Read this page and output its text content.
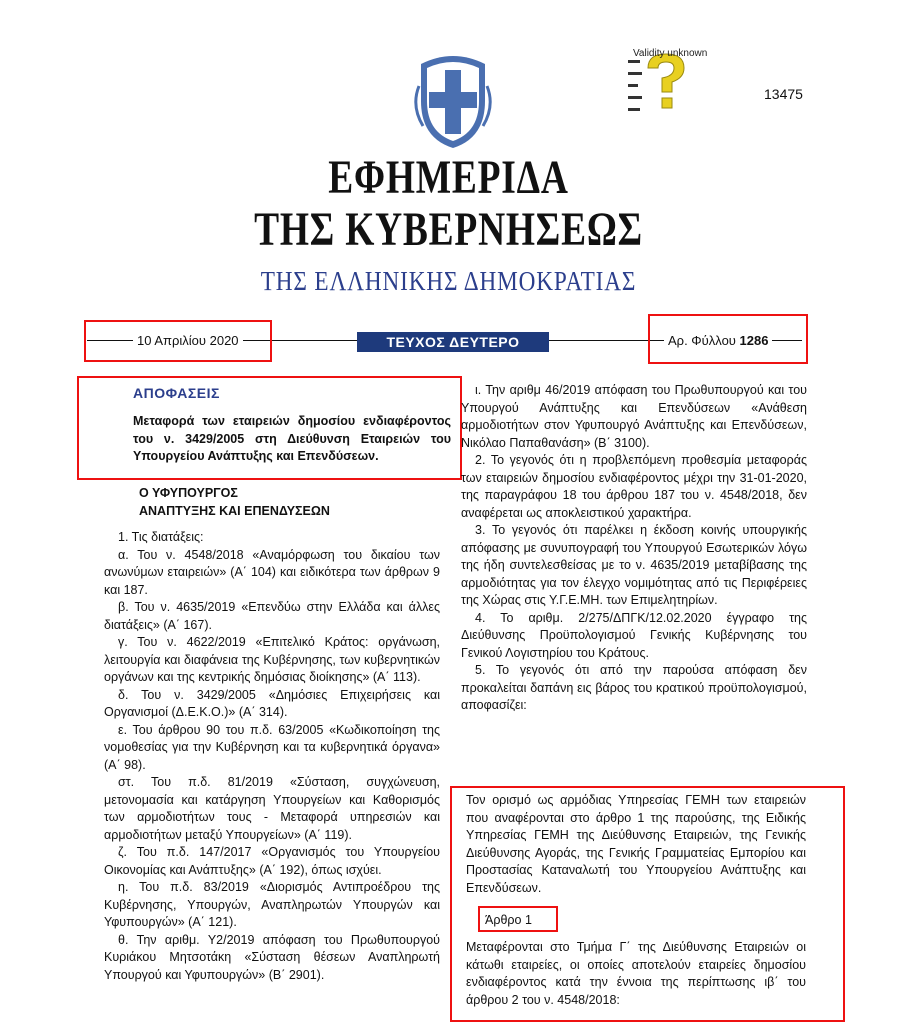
Validity unknown
13475
ΕΦΗΜΕΡΙΔΑ
ΤΗΣ ΚΥΒΕΡΝΗΣΕΩΣ
ΤΗΣ ΕΛΛΗΝΙΚΗΣ ΔΗΜΟΚΡΑΤΙΑΣ
10 Απριλίου 2020	ΤΕΥΧΟΣ ΔΕΥΤΕΡΟ	Αρ. Φύλλου 1286
ΑΠΟΦΑΣΕΙΣ
Μεταφορά των εταιρειών δημοσίου ενδιαφέροντος του ν. 3429/2005 στη Διεύθυνση Εταιρειών του Υπουργείου Ανάπτυξης και Επενδύσεων.
Ο ΥΦΥΠΟΥΡΓΟΣ
ΑΝΑΠΤΥΞΗΣ ΚΑΙ ΕΠΕΝΔΥΣΕΩΝ

1. Τις διατάξεις:

α. Του ν. 4548/2018 «Αναμόρφωση του δικαίου των ανωνύμων εταιρειών» (Α΄ 104) και ειδικότερα των άρθρων 9 και 187.

β. Του ν. 4635/2019 «Επενδύω στην Ελλάδα και άλλες διατάξεις» (Α΄ 167).

γ. Του ν. 4622/2019 «Επιτελικό Κράτος: οργάνωση, λειτουργία και διαφάνεια της Κυβέρνησης, των κυβερνητικών οργάνων και της κεντρικής δημόσιας διοίκησης» (Α΄ 113).

δ. Του ν. 3429/2005 «Δημόσιες Επιχειρήσεις και Οργανισμοί (Δ.Ε.Κ.Ο.)» (Α΄ 314).

ε. Του άρθρου 90 του π.δ. 63/2005 «Κωδικοποίηση της νομοθεσίας για την Κυβέρνηση και τα κυβερνητικά όργανα» (Α΄ 98).

στ. Του π.δ. 81/2019 «Σύσταση, συγχώνευση, μετονομασία και κατάργηση Υπουργείων και Καθορισμός των αρμοδιοτήτων τους - Μεταφορά υπηρεσιών και αρμοδιοτήτων μεταξύ Υπουργείων» (Α΄ 119).

ζ. Του π.δ. 147/2017 «Οργανισμός του Υπουργείου Οικονομίας και Ανάπτυξης» (Α΄ 192), όπως ισχύει.

η. Του π.δ. 83/2019 «Διορισμός Αντιπροέδρου της Κυβέρνησης, Υπουργών, Αναπληρωτών Υπουργών και Υφυπουργών» (Α΄ 121).

θ. Την αριθμ. Υ2/2019 απόφαση του Πρωθυπουργού Κυριάκου Μητσοτάκη «Σύσταση θέσεων Αναπληρωτή Υπουργού και Υφυπουργών» (Β΄ 2901).

ι. Την αριθμ 46/2019 απόφαση του Πρωθυπουργού και του Υπουργού Ανάπτυξης και Επενδύσεων «Ανάθεση αρμοδιοτήτων στον Υφυπουργό Ανάπτυξης και Επενδύσεων, Νικόλαο Παπαθανάση» (Β΄ 3100).

2. Το γεγονός ότι η προβλεπόμενη προθεσμία μεταφοράς των εταιρειών δημοσίου ενδιαφέροντος μέχρι την 31-01-2020, της παραγράφου 18 του άρθρου 187 του ν. 4548/2018, δεν αναφέρεται ως αποκλειστικού χαρακτήρα.

3. Το γεγονός ότι παρέλκει η έκδοση κοινής υπουργικής απόφασης με συνυπογραφή του Υπουργού Εσωτερικών λόγω της ήδη συντελεσθείσας με το ν. 4635/2019 μεταβίβασης της αρμοδιότητας για τον έλεγχο νομιμότητας από τις Περιφέρειες της Χώρας στις Υ.Γ.Ε.ΜΗ. των Επιμελητηρίων.

4. Το αριθμ. 2/275/ΔΠΓΚ/12.02.2020 έγγραφο της Διεύθυνσης Προϋπολογισμού Γενικής Κυβέρνησης του Γενικού Λογιστηρίου του Κράτους.

5. Το γεγονός ότι από την παρούσα απόφαση δεν προκαλείται δαπάνη εις βάρος του κρατικού προϋπολογισμού, αποφασίζει:

Τον ορισμό ως αρμόδιας Υπηρεσίας ΓΕΜΗ των εταιρειών που αναφέρονται στο άρθρο 1 της παρούσης, της Ειδικής Υπηρεσίας ΓΕΜΗ της Διεύθυνσης Εταιρειών, της Γενικής Διεύθυνσης Αγοράς, της Γενικής Γραμματείας Εμπορίου και Προστασίας Καταναλωτή του Υπουργείου Ανάπτυξης και Επενδύσεων.
Άρθρο 1
Μεταφέρονται στο Τμήμα Γ΄ της Διεύθυνσης Εταιρειών οι κάτωθι εταιρείες, οι οποίες αποτελούν εταιρείες δημοσίου ενδιαφέροντος κατά την έννοια της περίπτωσης ιβ΄ του άρθρου 2 του ν. 4548/2018:
